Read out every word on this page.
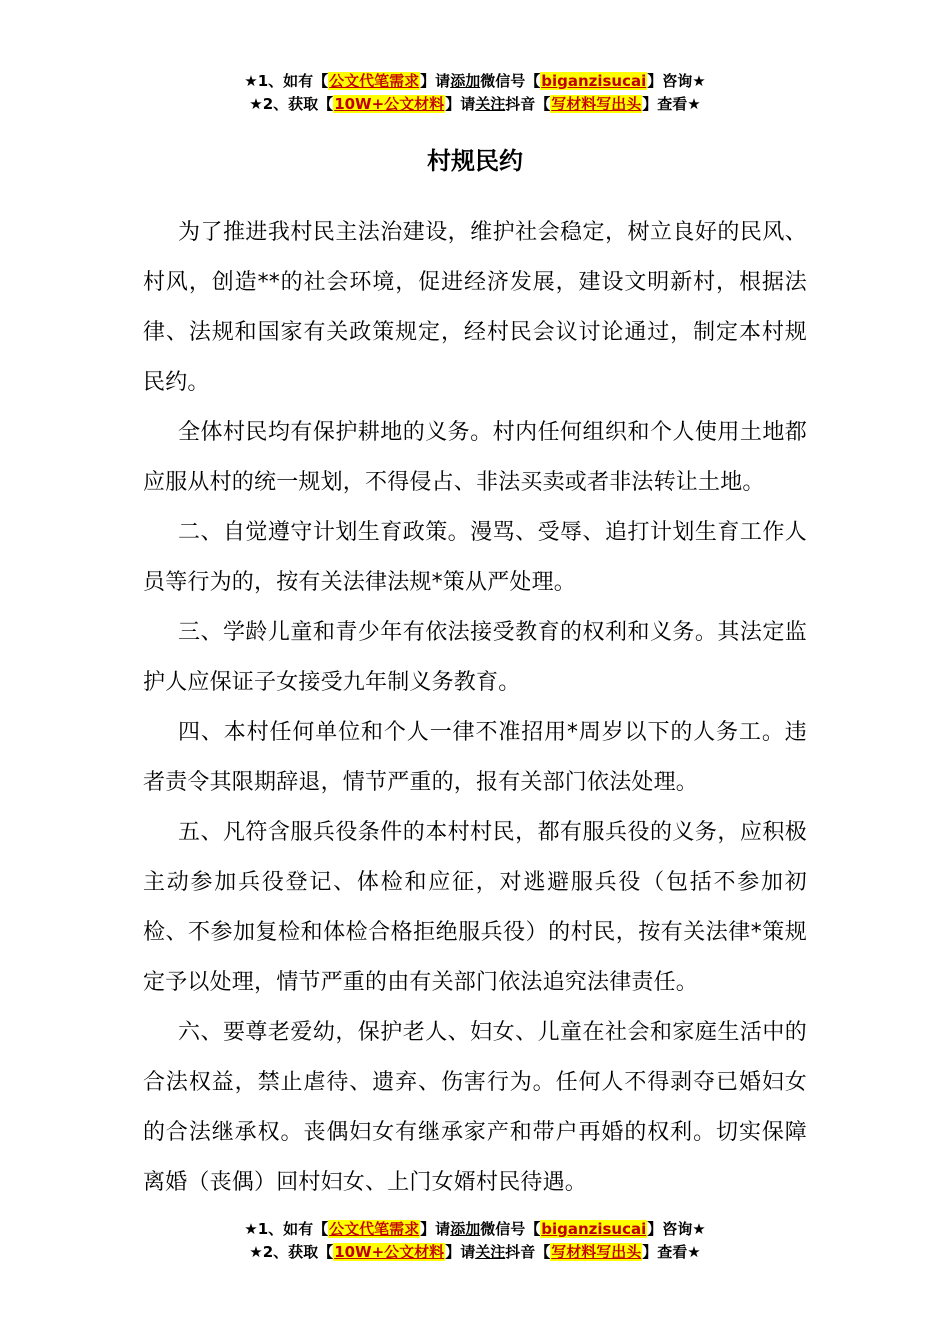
★1、如有【公文代笔需求】请添加微信号【biganzisucai】咨询★
★2、获取【10W+公文材料】请关注抖音【写材料写出头】查看★
村规民约

为了推进我村民主法治建设，维护社会稳定，树立良好的民风、村风，创造**的社会环境，促进经济发展，建设文明新村，根据法律、法规和国家有关政策规定，经村民会议讨论通过，制定本村规民约。

全体村民均有保护耕地的义务。村内任何组织和个人使用土地都应服从村的统一规划，不得侵占、非法买卖或者非法转让土地。

二、自觉遵守计划生育政策。漫骂、受辱、追打计划生育工作人员等行为的，按有关法律法规*策从严处理。

三、学龄儿童和青少年有依法接受教育的权利和义务。其法定监护人应保证子女接受九年制义务教育。

四、本村任何单位和个人一律不准招用*周岁以下的人务工。违者责令其限期辞退，情节严重的，报有关部门依法处理。

五、凡符含服兵役条件的本村村民，都有服兵役的义务，应积极主动参加兵役登记、体检和应征，对逃避服兵役（包括不参加初检、不参加复检和体检合格拒绝服兵役）的村民，按有关法律*策规定予以处理，情节严重的由有关部门依法追究法律责任。

六、要尊老爱幼，保护老人、妇女、儿童在社会和家庭生活中的合法权益，禁止虐待、遗弃、伤害行为。任何人不得剥夺已婚妇女的合法继承权。丧偶妇女有继承家产和带户再婚的权利。切实保障离婚（丧偶）回村妇女、上门女婿村民待遇。

★1、如有【公文代笔需求】请添加微信号【biganzisucai】咨询★
★2、获取【10W+公文材料】请关注抖音【写材料写出头】查看★
